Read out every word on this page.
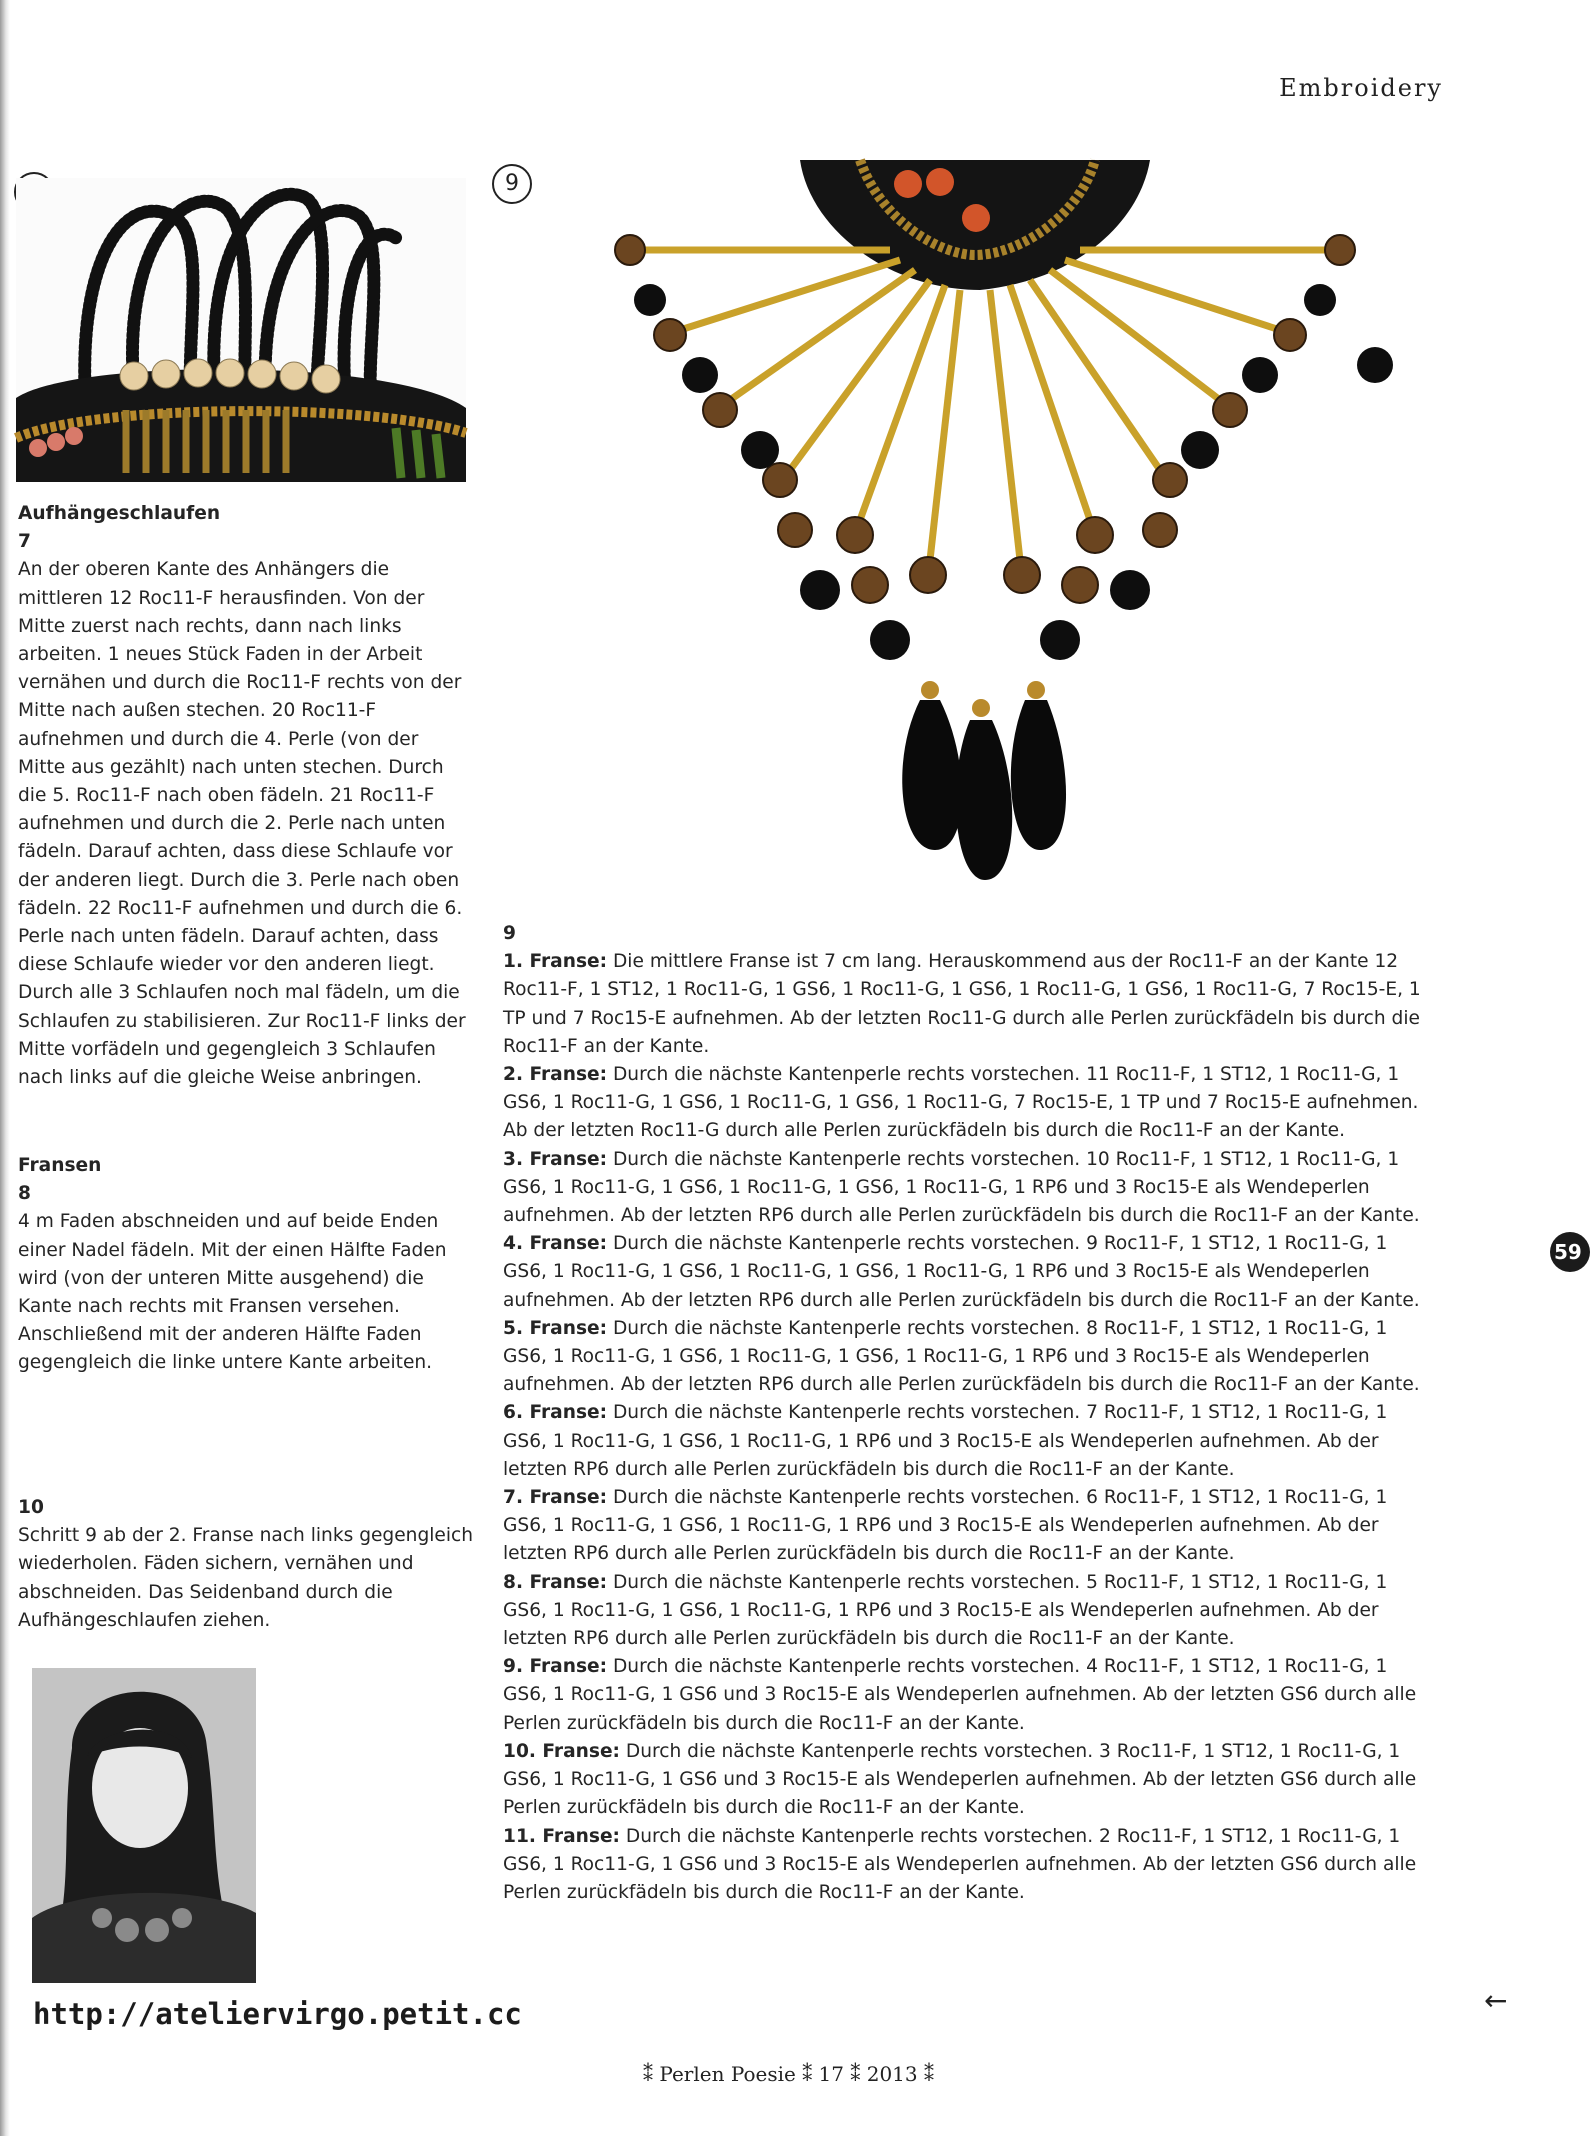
Embroidery
9

Aufhängeschlaufen

7

An der oberen Kante des Anhängers die mittleren 12 Roc11-F herausfinden. Von der Mitte zuerst nach rechts, dann nach links arbeiten. 1 neues Stück Faden in der Arbeit vernähen und durch die Roc11-F rechts von der Mitte nach außen stechen. 20 Roc11-F aufnehmen und durch die 4. Perle (von der Mitte aus gezählt) nach unten stechen. Durch die 5. Roc11-F nach oben fädeln. 21 Roc11-F aufnehmen und durch die 2. Perle nach unten fädeln. Darauf achten, dass diese Schlaufe vor der anderen liegt. Durch die 3. Perle nach oben fädeln. 22 Roc11-F aufnehmen und durch die 6. Perle nach unten fädeln. Darauf achten, dass diese Schlaufe wieder vor den anderen liegt. Durch alle 3 Schlaufen noch mal fädeln, um die Schlaufen zu stabilisieren. Zur Roc11-F links der Mitte vorfädeln und gegengleich 3 Schlaufen nach links auf die gleiche Weise anbringen.

Fransen

8

4 m Faden abschneiden und auf beide Enden einer Nadel fädeln. Mit der einen Hälfte Faden wird (von der unteren Mitte ausgehend) die Kante nach rechts mit Fransen versehen. Anschließend mit der anderen Hälfte Faden gegengleich die linke untere Kante arbeiten.

10

Schritt 9 ab der 2. Franse nach links gegengleich wiederholen. Fäden sichern, vernähen und abschneiden. Das Seidenband durch die Aufhängeschlaufen ziehen.

http://ateliervirgo.petit.cc

9

1. Franse: Die mittlere Franse ist 7 cm lang. Herauskommend aus der Roc11-F an der Kante 12 Roc11-F, 1 ST12, 1 Roc11-G, 1 GS6, 1 Roc11-G, 1 GS6, 1 Roc11-G, 1 GS6, 1 Roc11-G, 7 Roc15-E, 1 TP und 7 Roc15-E aufnehmen. Ab der letzten Roc11-G durch alle Perlen zurückfädeln bis durch die Roc11-F an der Kante.

2. Franse: Durch die nächste Kantenperle rechts vorstechen. 11 Roc11-F, 1 ST12, 1 Roc11-G, 1 GS6, 1 Roc11-G, 1 GS6, 1 Roc11-G, 1 GS6, 1 Roc11-G, 7 Roc15-E, 1 TP und 7 Roc15-E aufnehmen. Ab der letzten Roc11-G durch alle Perlen zurückfädeln bis durch die Roc11-F an der Kante.

3. Franse: Durch die nächste Kantenperle rechts vorstechen. 10 Roc11-F, 1 ST12, 1 Roc11-G, 1 GS6, 1 Roc11-G, 1 GS6, 1 Roc11-G, 1 GS6, 1 Roc11-G, 1 RP6 und 3 Roc15-E als Wendeperlen aufnehmen. Ab der letzten RP6 durch alle Perlen zurückfädeln bis durch die Roc11-F an der Kante.

4. Franse: Durch die nächste Kantenperle rechts vorstechen. 9 Roc11-F, 1 ST12, 1 Roc11-G, 1 GS6, 1 Roc11-G, 1 GS6, 1 Roc11-G, 1 GS6, 1 Roc11-G, 1 RP6 und 3 Roc15-E als Wendeperlen aufnehmen. Ab der letzten RP6 durch alle Perlen zurückfädeln bis durch die Roc11-F an der Kante.

5. Franse: Durch die nächste Kantenperle rechts vorstechen. 8 Roc11-F, 1 ST12, 1 Roc11-G, 1 GS6, 1 Roc11-G, 1 GS6, 1 Roc11-G, 1 GS6, 1 Roc11-G, 1 RP6 und 3 Roc15-E als Wendeperlen aufnehmen. Ab der letzten RP6 durch alle Perlen zurückfädeln bis durch die Roc11-F an der Kante.

6. Franse: Durch die nächste Kantenperle rechts vorstechen. 7 Roc11-F, 1 ST12, 1 Roc11-G, 1 GS6, 1 Roc11-G, 1 GS6, 1 Roc11-G, 1 RP6 und 3 Roc15-E als Wendeperlen aufnehmen. Ab der letzten RP6 durch alle Perlen zurückfädeln bis durch die Roc11-F an der Kante.

7. Franse: Durch die nächste Kantenperle rechts vorstechen. 6 Roc11-F, 1 ST12, 1 Roc11-G, 1 GS6, 1 Roc11-G, 1 GS6, 1 Roc11-G, 1 RP6 und 3 Roc15-E als Wendeperlen aufnehmen. Ab der letzten RP6 durch alle Perlen zurückfädeln bis durch die Roc11-F an der Kante.

8. Franse: Durch die nächste Kantenperle rechts vorstechen. 5 Roc11-F, 1 ST12, 1 Roc11-G, 1 GS6, 1 Roc11-G, 1 GS6, 1 Roc11-G, 1 RP6 und 3 Roc15-E als Wendeperlen aufnehmen. Ab der letzten RP6 durch alle Perlen zurückfädeln bis durch die Roc11-F an der Kante.

9. Franse: Durch die nächste Kantenperle rechts vorstechen. 4 Roc11-F, 1 ST12, 1 Roc11-G, 1 GS6, 1 Roc11-G, 1 GS6 und 3 Roc15-E als Wendeperlen aufnehmen. Ab der letzten GS6 durch alle Perlen zurückfädeln bis durch die Roc11-F an der Kante.

10. Franse: Durch die nächste Kantenperle rechts vorstechen. 3 Roc11-F, 1 ST12, 1 Roc11-G, 1 GS6, 1 Roc11-G, 1 GS6 und 3 Roc15-E als Wendeperlen aufnehmen. Ab der letzten GS6 durch alle Perlen zurückfädeln bis durch die Roc11-F an der Kante.

11. Franse: Durch die nächste Kantenperle rechts vorstechen. 2 Roc11-F, 1 ST12, 1 Roc11-G, 1 GS6, 1 Roc11-G, 1 GS6 und 3 Roc15-E als Wendeperlen aufnehmen. Ab der letzten GS6 durch alle Perlen zurückfädeln bis durch die Roc11-F an der Kante.

59
←
⁑ Perlen Poesie ⁑ 17 ⁑ 2013 ⁑
